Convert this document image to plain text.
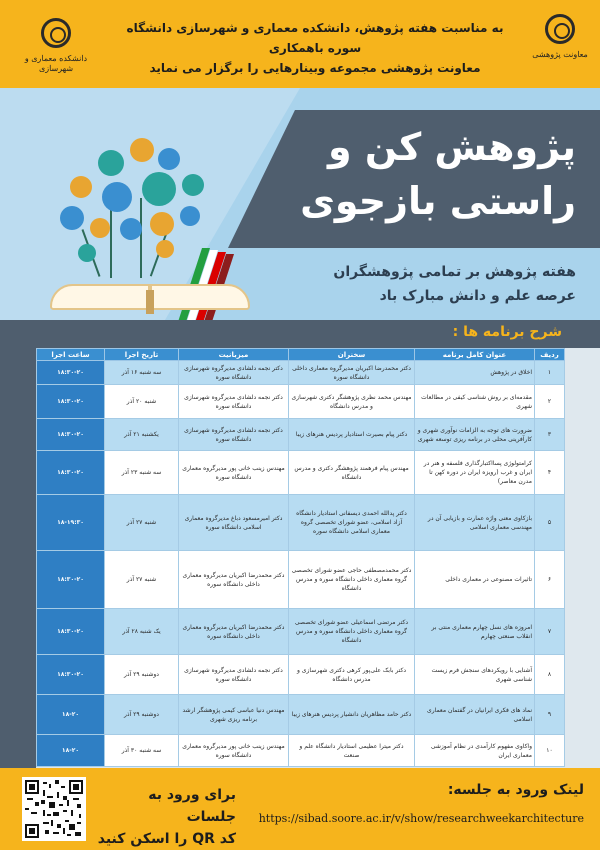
معاونت پژوهشی
به مناسبت هفته پژوهش، دانشکده معماری و شهرسازی دانشگاه سوره باهمکاری
معاونت پژوهشی مجموعه وبینارهایی را برگزار می نماید
دانشکده معماری و شهرسازی
پژوهش کن و
راستی بازجوی
هفته پژوهش بر تمامی پژوهشگران
عرصه علم و دانش مبارک باد
شرح برنامه ها :
ردیف	عنوان کامل برنامه	سخنران	میزبانیت	تاریخ اجرا	ساعت اجرا
۱	اخلاق در پژوهش	دکتر محمدرضا اکبریان مدیرگروه معماری داخلی دانشگاه سوره	دکتر نجمه دلشادی مدیرگروه شهرسازی دانشگاه سوره	سه شنبه ۱۶ آذر	۱۸:۳۰-۲۰
۲	مقدمه‌ای بر روش شناسی کیفی در مطالعات شهری	مهندس محمد نظری پژوهشگر دکتری شهرسازی و مدرس دانشگاه	دکتر نجمه دلشادی مدیرگروه شهرسازی دانشگاه سوره	شنبه ۲۰ آذر	۱۸:۳۰-۲۰
۳	ضرورت های توجه به الزامات نوآوری شهری و کارآفرینی محلی در برنامه ریزی توسعه شهری	دکتر پیام بصیرت استادیار پردیس هنرهای زیبا	دکتر نجمه دلشادی مدیرگروه شهرسازی دانشگاه سوره	یکشنبه ۲۱ آذر	۱۸:۳۰-۲۰
۴	کرامتولوژی پسااکتبارگذاری فلسفه و هنر در ایران و غرب (رویزه ایران در دوره کهن تا مدرن معاصر)	مهندس پیام فرهمند پژوهشگر دکتری و مدرس دانشگاه	مهندس زینب خانی پور مدیرگروه معماری دانشگاه سوره	سه شنبه ۲۳ آذر	۱۸:۳۰-۲۰
۵	بازکاوی معنی واژه عمارت و بازیابی آن در مهندسی معماری اسلامی	دکتر پدالله احمدی دیسفانی استادیار دانشگاه آزاد اسلامی، عضو شورای تخصصی گروه معماری اسلامی دانشگاه سوره	دکتر امیرمسعود دباغ مدیرگروه معماری اسلامی دانشگاه سوره	شنبه ۲۷ آذر	۱۸-۱۹:۳۰
۶	تاثیرات مصنوعی در معماری داخلی	دکتر محمدمصطفی حاجی عضو شورای تخصصی گروه معماری داخلی دانشگاه سوره و مدرس دانشگاه	دکتر محمدرضا اکبریان مدیرگروه معماری داخلی دانشگاه سوره	شنبه ۲۷ آذر	۱۸:۳۰-۲۰
۷	امروزه های نسل چهارم معماری منتی بر انقلاب صنعتی چهارم	دکتر مرتضی اسماعیلی عضو شورای تخصصی گروه معماری داخلی دانشگاه سوره و مدرس دانشگاه	دکتر محمدرضا اکبریان مدیرگروه معماری داخلی دانشگاه سوره	یک شنبه ۲۸ آذر	۱۸:۳۰-۲۰
۸	آشنایی با رویکردهای سنجش فرم زیست شناسی شهری	دکتر بابک علی‌پور کرهی دکتری شهرسازی و مدرس دانشگاه	دکتر نجمه دلشادی مدیرگروه شهرسازی دانشگاه سوره	دوشنبه ۲۹ آذر	۱۸:۳۰-۲۰
۹	نماد های فکری ایرانیان در گفتمان معماری اسلامی	دکتر حامد مظاهریان دانشیار پردیس هنرهای زیبا	مهندس دنیا عباسی کیمی پژوهشگر ارشد برنامه ریزی شهری	دوشنبه ۲۹ آذر	۱۸-۲۰
۱۰	واکاوی مفهوم کارآمدی در نظام آموزشی معماری ایران	دکتر میترا عظیمی استادیار دانشگاه علم و صنعت	مهندس زینب خانی پور مدیرگروه معماری دانشگاه سوره	سه شنبه ۳۰ آذر	۱۸-۲۰
برای ورود به جلسات
کد QR را اسکن کنید
لینک ورود به جلسه:
https://sibad.soore.ac.ir/v/show/researchweekarchitecture
